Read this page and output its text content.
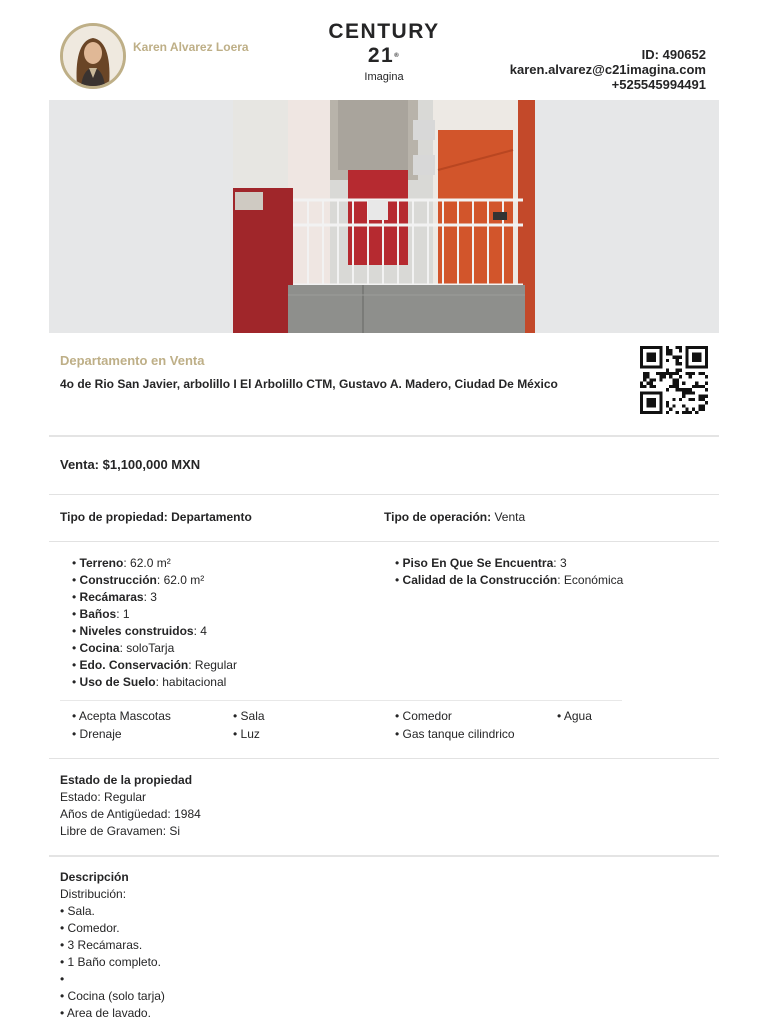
Karen Alvarez Loera
CENTURY 21®
Imagina
ID: 490652
karen.alvarez@c21imagina.com
+525545994491
Departamento en Venta
4o de Rio San Javier, arbolillo I El Arbolillo CTM, Gustavo A. Madero, Ciudad De México
Venta: $1,100,000 MXN
Tipo de propiedad: Departamento	Tipo de operación: Venta
• Terreno: 62.0 m²
• Construcción: 62.0 m²
• Recámaras: 3
• Baños: 1
• Niveles construidos: 4
• Cocina: soloTarja
• Edo. Conservación: Regular
• Uso de Suelo: habitacional
• Piso En Que Se Encuentra: 3
• Calidad de la Construcción: Económica
• Acepta Mascotas
• Drenaje
• Sala
• Luz
• Comedor
• Gas tanque cilindrico
• Agua
Estado de la propiedad
Estado: Regular
Años de Antigüedad: 1984
Libre de Gravamen: Si
Descripción
Distribución:
• Sala.
• Comedor.
• 3 Recámaras.
• 1 Baño completo.
•
• Cocina (solo tarja)
• Area de lavado.
